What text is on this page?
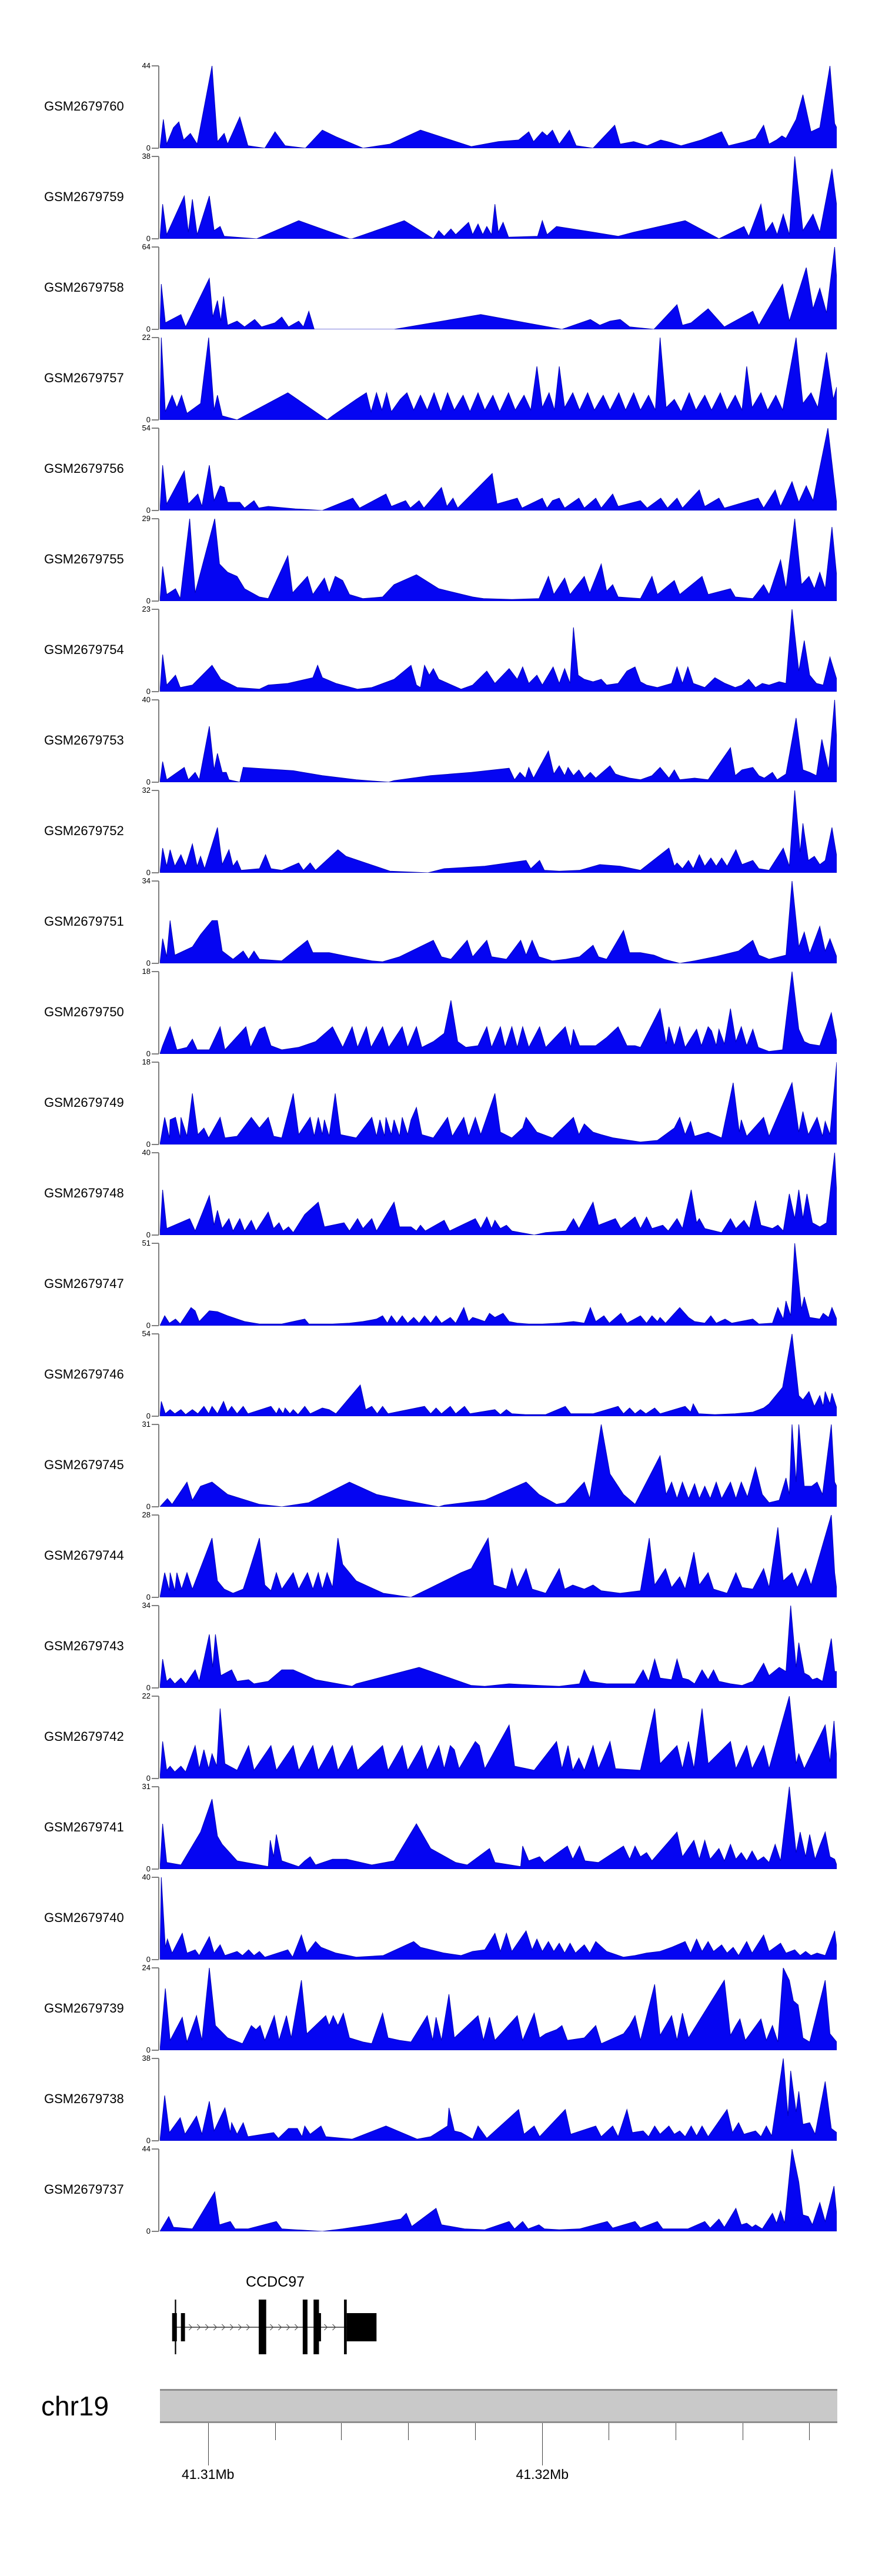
CCDC97
chr19
GSM2679760
44
0
GSM2679759
38
0
GSM2679758
64
0
GSM2679757
22
0
GSM2679756
54
0
GSM2679755
29
0
GSM2679754
23
0
GSM2679753
40
0
GSM2679752
32
0
GSM2679751
34
0
GSM2679750
18
0
GSM2679749
18
0
GSM2679748
40
0
GSM2679747
51
0
GSM2679746
54
0
GSM2679745
31
0
GSM2679744
28
0
GSM2679743
34
0
GSM2679742
22
0
GSM2679741
31
0
GSM2679740
40
0
GSM2679739
24
0
GSM2679738
38
0
GSM2679737
44
0
41.31Mb	41.32Mb
